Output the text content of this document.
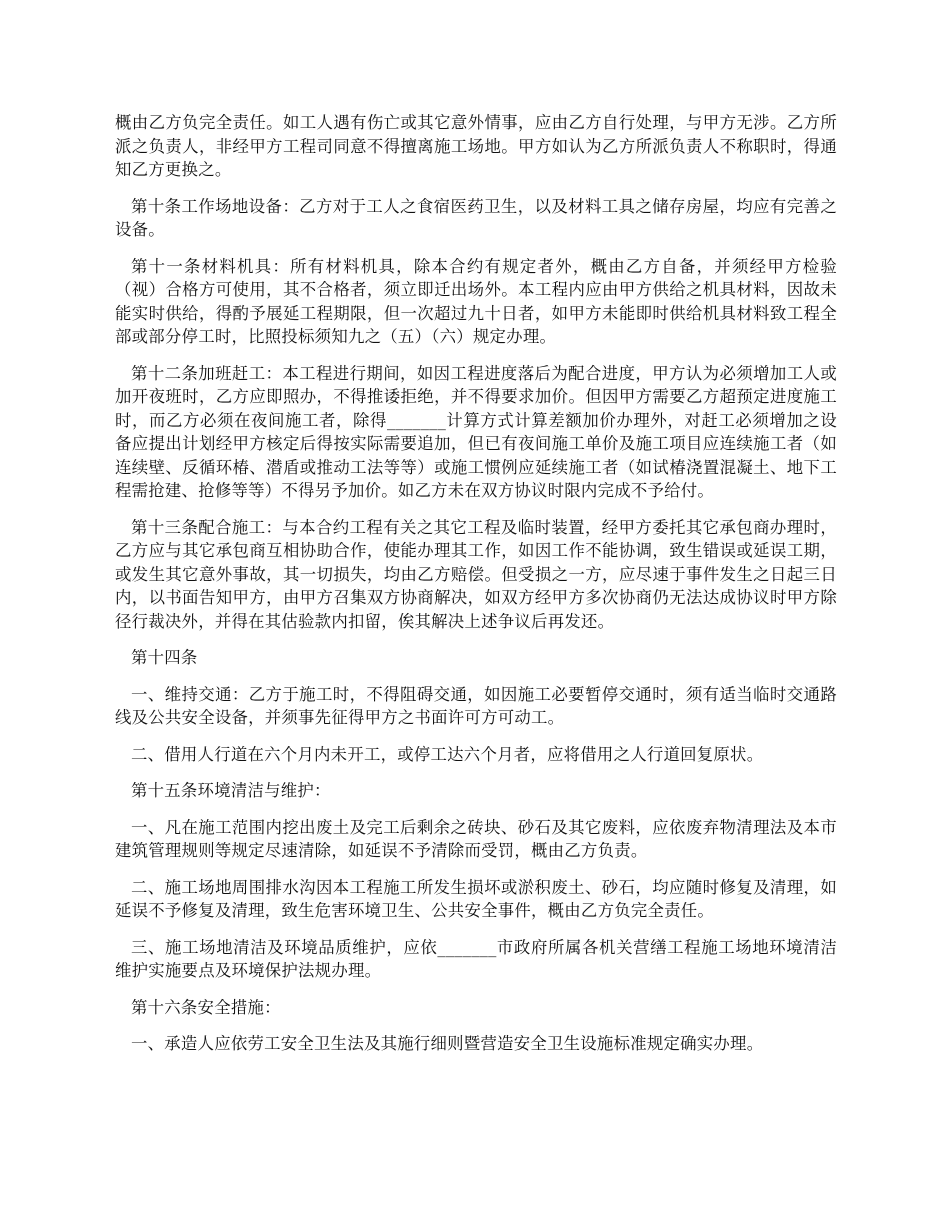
概由乙方负完全责任。如工人遇有伤亡或其它意外情事，应由乙方自行处理，与甲方无涉。乙方所派之负责人，非经甲方工程司同意不得擅离施工场地。甲方如认为乙方所派负责人不称职时，得通知乙方更换之。

第十条工作场地设备：乙方对于工人之食宿医药卫生，以及材料工具之储存房屋，均应有完善之设备。

第十一条材料机具：所有材料机具，除本合约有规定者外，概由乙方自备，并须经甲方检验（视）合格方可使用，其不合格者，须立即迁出场外。本工程内应由甲方供给之机具材料，因故未能实时供给，得酌予展延工程期限，但一次超过九十日者，如甲方未能即时供给机具材料致工程全部或部分停工时，比照投标须知九之（五）（六）规定办理。

第十二条加班赶工：本工程进行期间，如因工程进度落后为配合进度，甲方认为必须增加工人或加开夜班时，乙方应即照办，不得推诿拒绝，并不得要求加价。但因甲方需要乙方超预定进度施工时，而乙方必须在夜间施工者，除得_______计算方式计算差额加价办理外，对赶工必须增加之设备应提出计划经甲方核定后得按实际需要追加，但已有夜间施工单价及施工项目应连续施工者（如连续壁、反循环椿、潜盾或推动工法等等）或施工惯例应延续施工者（如试椿浇置混凝土、地下工程需抢建、抢修等等）不得另予加价。如乙方未在双方协议时限内完成不予给付。

第十三条配合施工：与本合约工程有关之其它工程及临时装置，经甲方委托其它承包商办理时，乙方应与其它承包商互相协助合作，使能办理其工作，如因工作不能协调，致生错误或延误工期，或发生其它意外事故，其一切损失，均由乙方赔偿。但受损之一方，应尽速于事件发生之日起三日内，以书面告知甲方，由甲方召集双方协商解决，如双方经甲方多次协商仍无法达成协议时甲方除径行裁决外，并得在其估验款内扣留，俟其解决上述争议后再发还。

第十四条

一、维持交通：乙方于施工时，不得阻碍交通，如因施工必要暂停交通时，须有适当临时交通路线及公共安全设备，并须事先征得甲方之书面许可方可动工。

二、借用人行道在六个月内未开工，或停工达六个月者，应将借用之人行道回复原状。

第十五条环境清洁与维护：

一、凡在施工范围内挖出废土及完工后剩余之砖块、砂石及其它废料，应依废弃物清理法及本市建筑管理规则等规定尽速清除，如延误不予清除而受罚，概由乙方负责。

二、施工场地周围排水沟因本工程施工所发生损坏或淤积废土、砂石，均应随时修复及清理，如延误不予修复及清理，致生危害环境卫生、公共安全事件，概由乙方负完全责任。

三、施工场地清洁及环境品质维护，应依_______市政府所属各机关营缮工程施工场地环境清洁维护实施要点及环境保护法规办理。

第十六条安全措施：

一、承造人应依劳工安全卫生法及其施行细则暨营造安全卫生设施标准规定确实办理。
